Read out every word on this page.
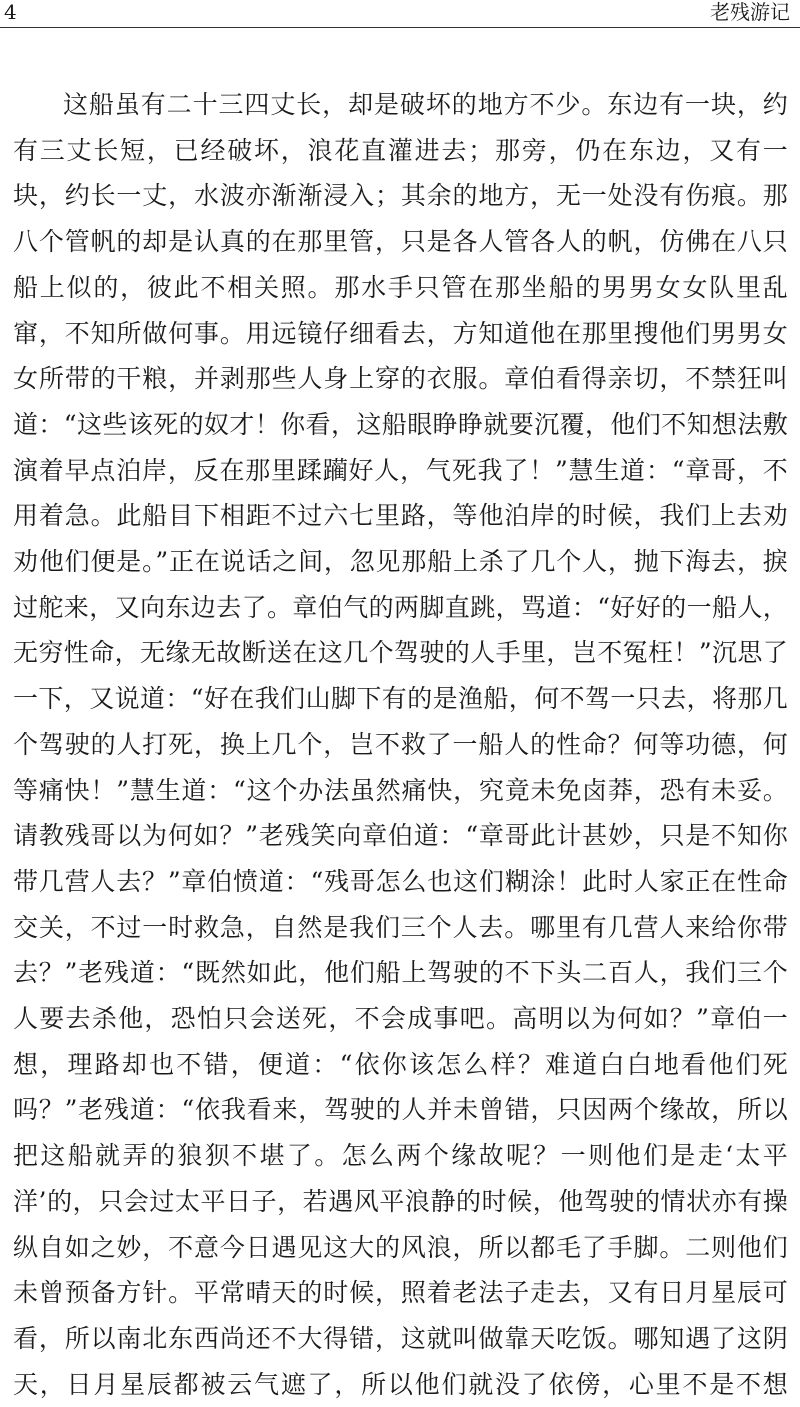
4	老残游记

这船虽有二十三四丈长，却是破坏的地方不少。东边有一块，约有三丈长短，已经破坏，浪花直灌进去；那旁，仍在东边，又有一块，约长一丈，水波亦渐渐浸入；其余的地方，无一处没有伤痕。那八个管帆的却是认真的在那里管，只是各人管各人的帆，仿佛在八只船上似的，彼此不相关照。那水手只管在那坐船的男男女女队里乱窜，不知所做何事。用远镜仔细看去，方知道他在那里搜他们男男女女所带的干粮，并剥那些人身上穿的衣服。章伯看得亲切，不禁狂叫道：“这些该死的奴才！你看，这船眼睁睁就要沉覆，他们不知想法敷演着早点泊岸，反在那里蹂躏好人，气死我了！”慧生道：“章哥，不用着急。此船目下相距不过六七里路，等他泊岸的时候，我们上去劝劝他们便是。”正在说话之间，忽见那船上杀了几个人，抛下海去，捩过舵来，又向东边去了。章伯气的两脚直跳，骂道：“好好的一船人，无穷性命，无缘无故断送在这几个驾驶的人手里，岂不冤枉！”沉思了一下，又说道：“好在我们山脚下有的是渔船，何不驾一只去，将那几个驾驶的人打死，换上几个，岂不救了一船人的性命？何等功德，何等痛快！”慧生道：“这个办法虽然痛快，究竟未免卤莽，恐有未妥。请教残哥以为何如？”老残笑向章伯道：“章哥此计甚妙，只是不知你带几营人去？”章伯愤道：“残哥怎么也这们糊涂！此时人家正在性命交关，不过一时救急，自然是我们三个人去。哪里有几营人来给你带去？”老残道：“既然如此，他们船上驾驶的不下头二百人，我们三个人要去杀他，恐怕只会送死，不会成事吧。高明以为何如？”章伯一想，理路却也不错，便道：“依你该怎么样？难道白白地看他们死吗？”老残道：“依我看来，驾驶的人并未曾错，只因两个缘故，所以把这船就弄的狼狈不堪了。怎么两个缘故呢？一则他们是走‘太平洋’的，只会过太平日子，若遇风平浪静的时候，他驾驶的情状亦有操纵自如之妙，不意今日遇见这大的风浪，所以都毛了手脚。二则他们未曾预备方针。平常晴天的时候，照着老法子走去，又有日月星辰可看，所以南北东西尚还不大得错，这就叫做靠天吃饭。哪知遇了这阴天，日月星辰都被云气遮了，所以他们就没了依傍，心里不是不想
